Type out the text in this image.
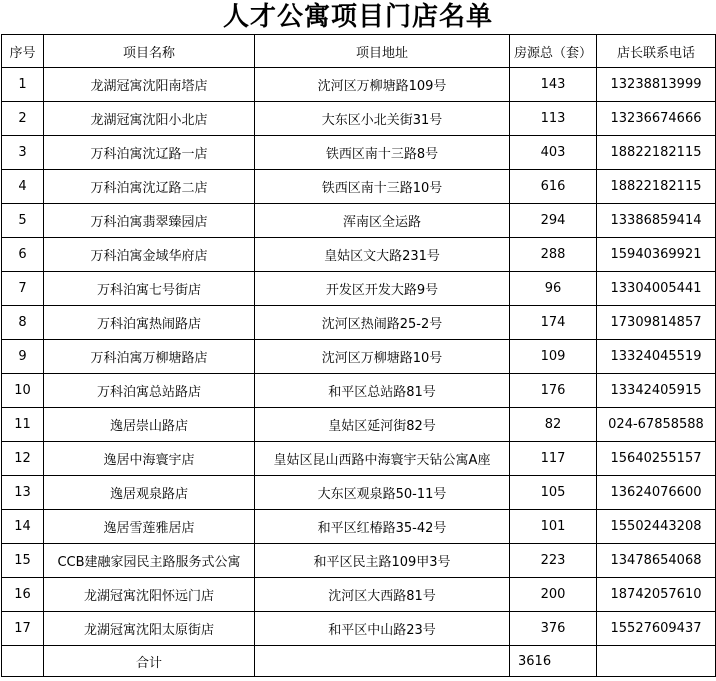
人才公寓项目门店名单
序号	项目名称	项目地址	房源总（套）	店长联系电话
1	龙湖冠寓沈阳南塔店	沈河区万柳塘路109号	143	13238813999
2	龙湖冠寓沈阳小北店	大东区小北关街31号	113	13236674666
3	万科泊寓沈辽路一店	铁西区南十三路8号	403	18822182115
4	万科泊寓沈辽路二店	铁西区南十三路10号	616	18822182115
5	万科泊寓翡翠臻园店	浑南区全运路	294	13386859414
6	万科泊寓金域华府店	皇姑区文大路231号	288	15940369921
7	万科泊寓七号街店	开发区开发大路9号	96	13304005441
8	万科泊寓热闹路店	沈河区热闹路25-2号	174	17309814857
9	万科泊寓万柳塘路店	沈河区万柳塘路10号	109	13324045519
10	万科泊寓总站路店	和平区总站路81号	176	13342405915
11	逸居崇山路店	皇姑区延河街82号	82	024-67858588
12	逸居中海寰宇店	皇姑区昆山西路中海寰宇天钻公寓A座	117	15640255157
13	逸居观泉路店	大东区观泉路50-11号	105	13624076600
14	逸居雪莲雅居店	和平区红椿路35-42号	101	15502443208
15	CCB建融家园民主路服务式公寓	和平区民主路109甲3号	223	13478654068
16	龙湖冠寓沈阳怀远门店	沈河区大西路81号	200	18742057610
17	龙湖冠寓沈阳太原街店	和平区中山路23号	376	15527609437
	合计		3616	
